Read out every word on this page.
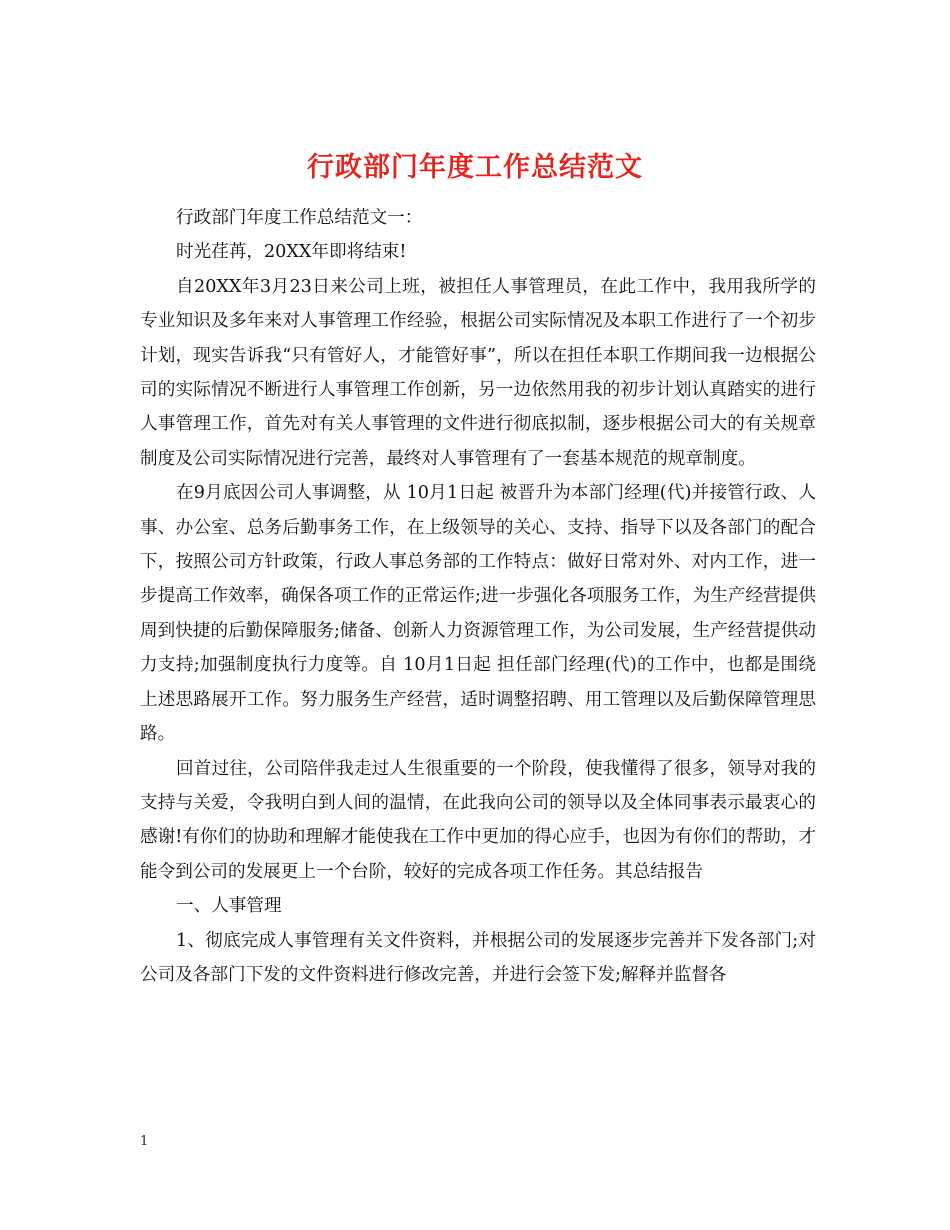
行政部门年度工作总结范文

行政部门年度工作总结范文一：

时光荏苒，20XX年即将结束!

自20XX年3月23日来公司上班，被担任人事管理员，在此工作中，我用我所学的专业知识及多年来对人事管理工作经验，根据公司实际情况及本职工作进行了一个初步计划，现实告诉我“只有管好人，才能管好事”，所以在担任本职工作期间我一边根据公司的实际情况不断进行人事管理工作创新，另一边依然用我的初步计划认真踏实的进行人事管理工作，首先对有关人事管理的文件进行彻底拟制，逐步根据公司大的有关规章制度及公司实际情况进行完善，最终对人事管理有了一套基本规范的规章制度。

在9月底因公司人事调整，从 10月1日起 被晋升为本部门经理(代)并接管行政、人事、办公室、总务后勤事务工作，在上级领导的关心、支持、指导下以及各部门的配合下，按照公司方针政策，行政人事总务部的工作特点：做好日常对外、对内工作，进一步提高工作效率，确保各项工作的正常运作;进一步强化各项服务工作，为生产经营提供周到快捷的后勤保障服务;储备、创新人力资源管理工作，为公司发展，生产经营提供动力支持;加强制度执行力度等。自 10月1日起 担任部门经理(代)的工作中，也都是围绕上述思路展开工作。努力服务生产经营，适时调整招聘、用工管理以及后勤保障管理思路。

回首过往，公司陪伴我走过人生很重要的一个阶段，使我懂得了很多，领导对我的支持与关爱，令我明白到人间的温情，在此我向公司的领导以及全体同事表示最衷心的感谢!有你们的协助和理解才能使我在工作中更加的得心应手，也因为有你们的帮助，才能令到公司的发展更上一个台阶，较好的完成各项工作任务。其总结报告

一、人事管理

1、彻底完成人事管理有关文件资料，并根据公司的发展逐步完善并下发各部门;对公司及各部门下发的文件资料进行修改完善，并进行会签下发;解释并监督各

1
